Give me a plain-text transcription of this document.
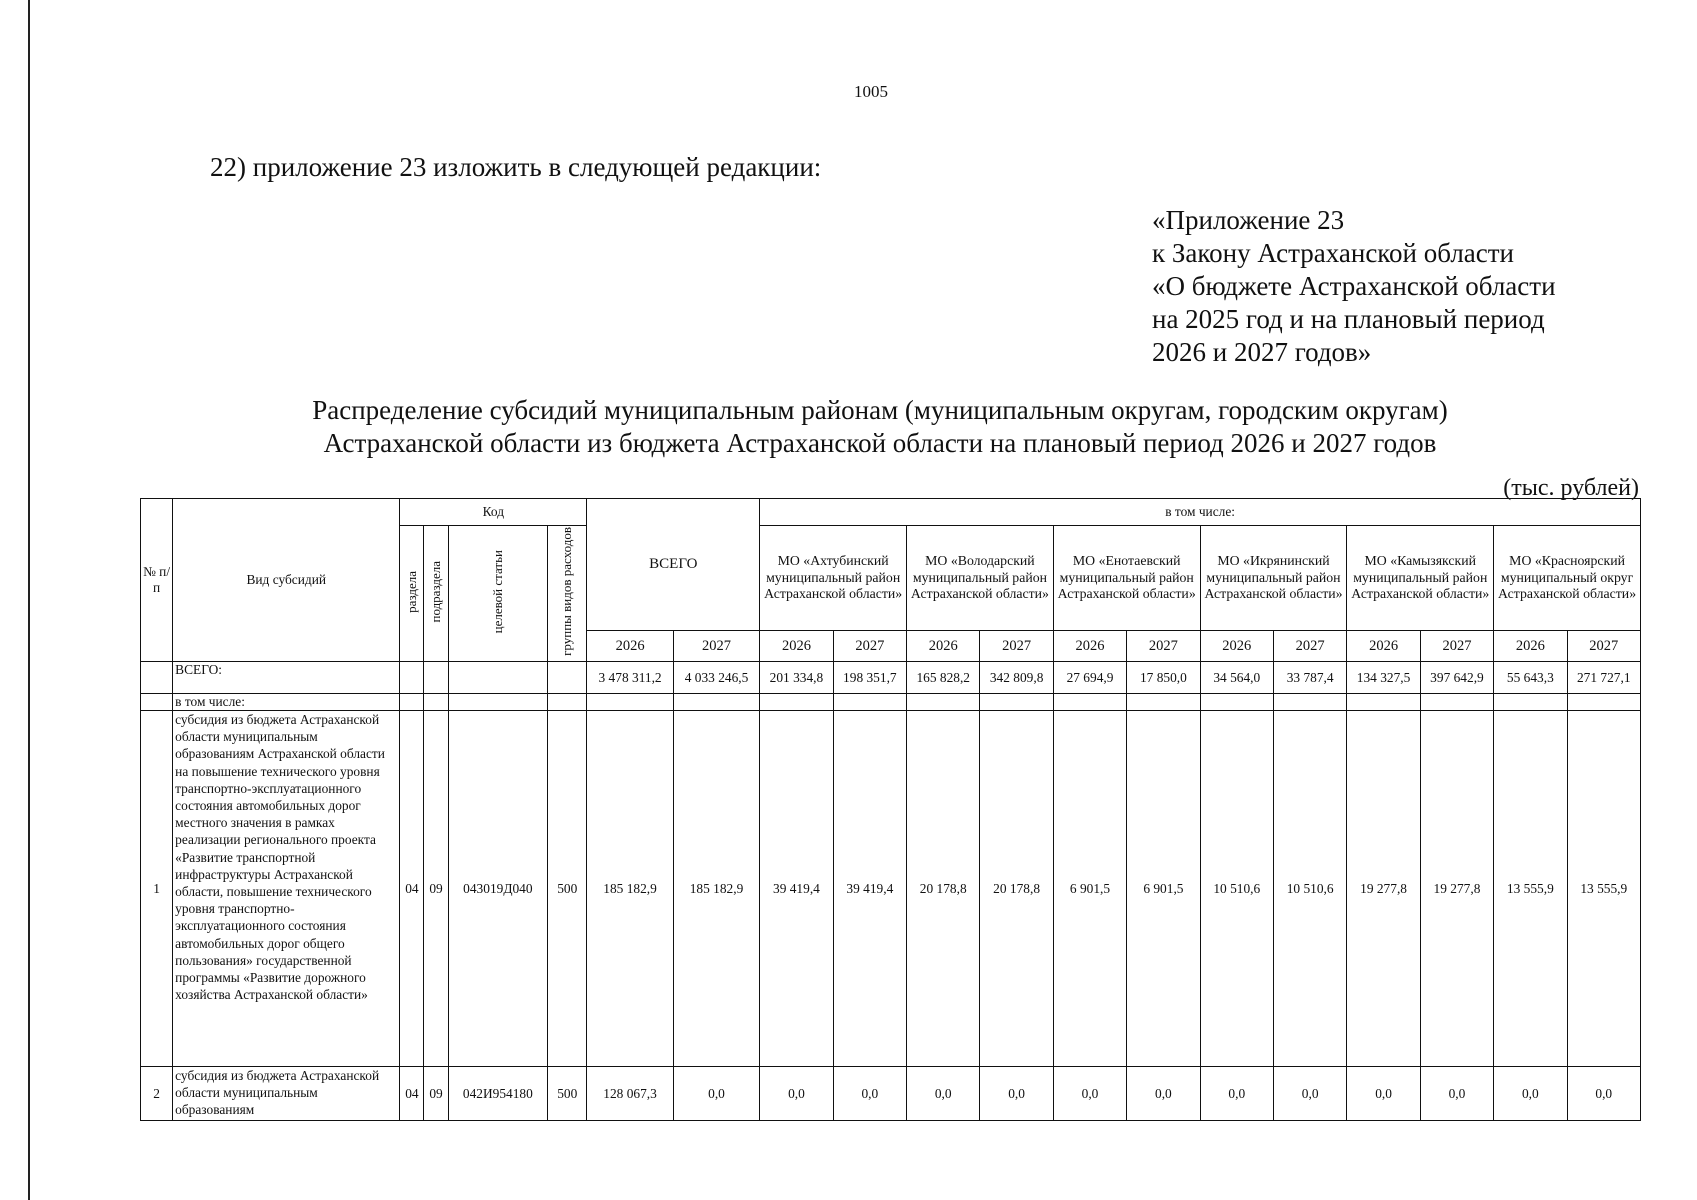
1005
22) приложение 23 изложить в следующей редакции:
«Приложение 23
к Закону Астраханской области
«О бюджете Астраханской области
на 2025 год и на плановый период
2026 и 2027 годов»
Распределение субсидий муниципальным районам (муниципальным округам, городским округам)
Астраханской области из бюджета Астраханской области на плановый период 2026 и 2027 годов
(тыс. рублей)
№ п/п	Вид субсидий	Код				ВСЕГО		в том числе:											
		раздела	подраздела	целевой статьи	группы видов расходов			МО «Ахтубинский муниципальный район Астраханской области»		МО «Володарский муниципальный район Астраханской области»		МО «Енотаевский муниципальный район Астраханской области»		МО «Икрянинский муниципальный район Астраханской области»		МО «Камызякский муниципальный район Астраханской области»		МО «Красноярский муниципальный округ Астраханской области»	
						2026	2027	2026	2027	2026	2027	2026	2027	2026	2027	2026	2027	2026	2027
	ВСЕГО:					3 478 311,2	4 033 246,5	201 334,8	198 351,7	165 828,2	342 809,8	27 694,9	17 850,0	34 564,0	33 787,4	134 327,5	397 642,9	55 643,3	271 727,1
	в том числе:																		
1	субсидия из бюджета Астраханской области муниципальным образованиям Астраханской области на повышение технического уровня транспортно-эксплуатационного состояния автомобильных дорог местного значения в рамках реализации регионального проекта «Развитие транспортной инфраструктуры Астраханской области, повышение технического уровня транспортно-эксплуатационного состояния автомобильных дорог общего пользования» государственной программы «Развитие дорожного хозяйства Астраханской области»	04	09	043019Д040	500	185 182,9	185 182,9	39 419,4	39 419,4	20 178,8	20 178,8	6 901,5	6 901,5	10 510,6	10 510,6	19 277,8	19 277,8	13 555,9	13 555,9
2	субсидия из бюджета Астраханской области муниципальным образованиям	04	09	042И954180	500	128 067,3	0,0	0,0	0,0	0,0	0,0	0,0	0,0	0,0	0,0	0,0	0,0	0,0	0,0
